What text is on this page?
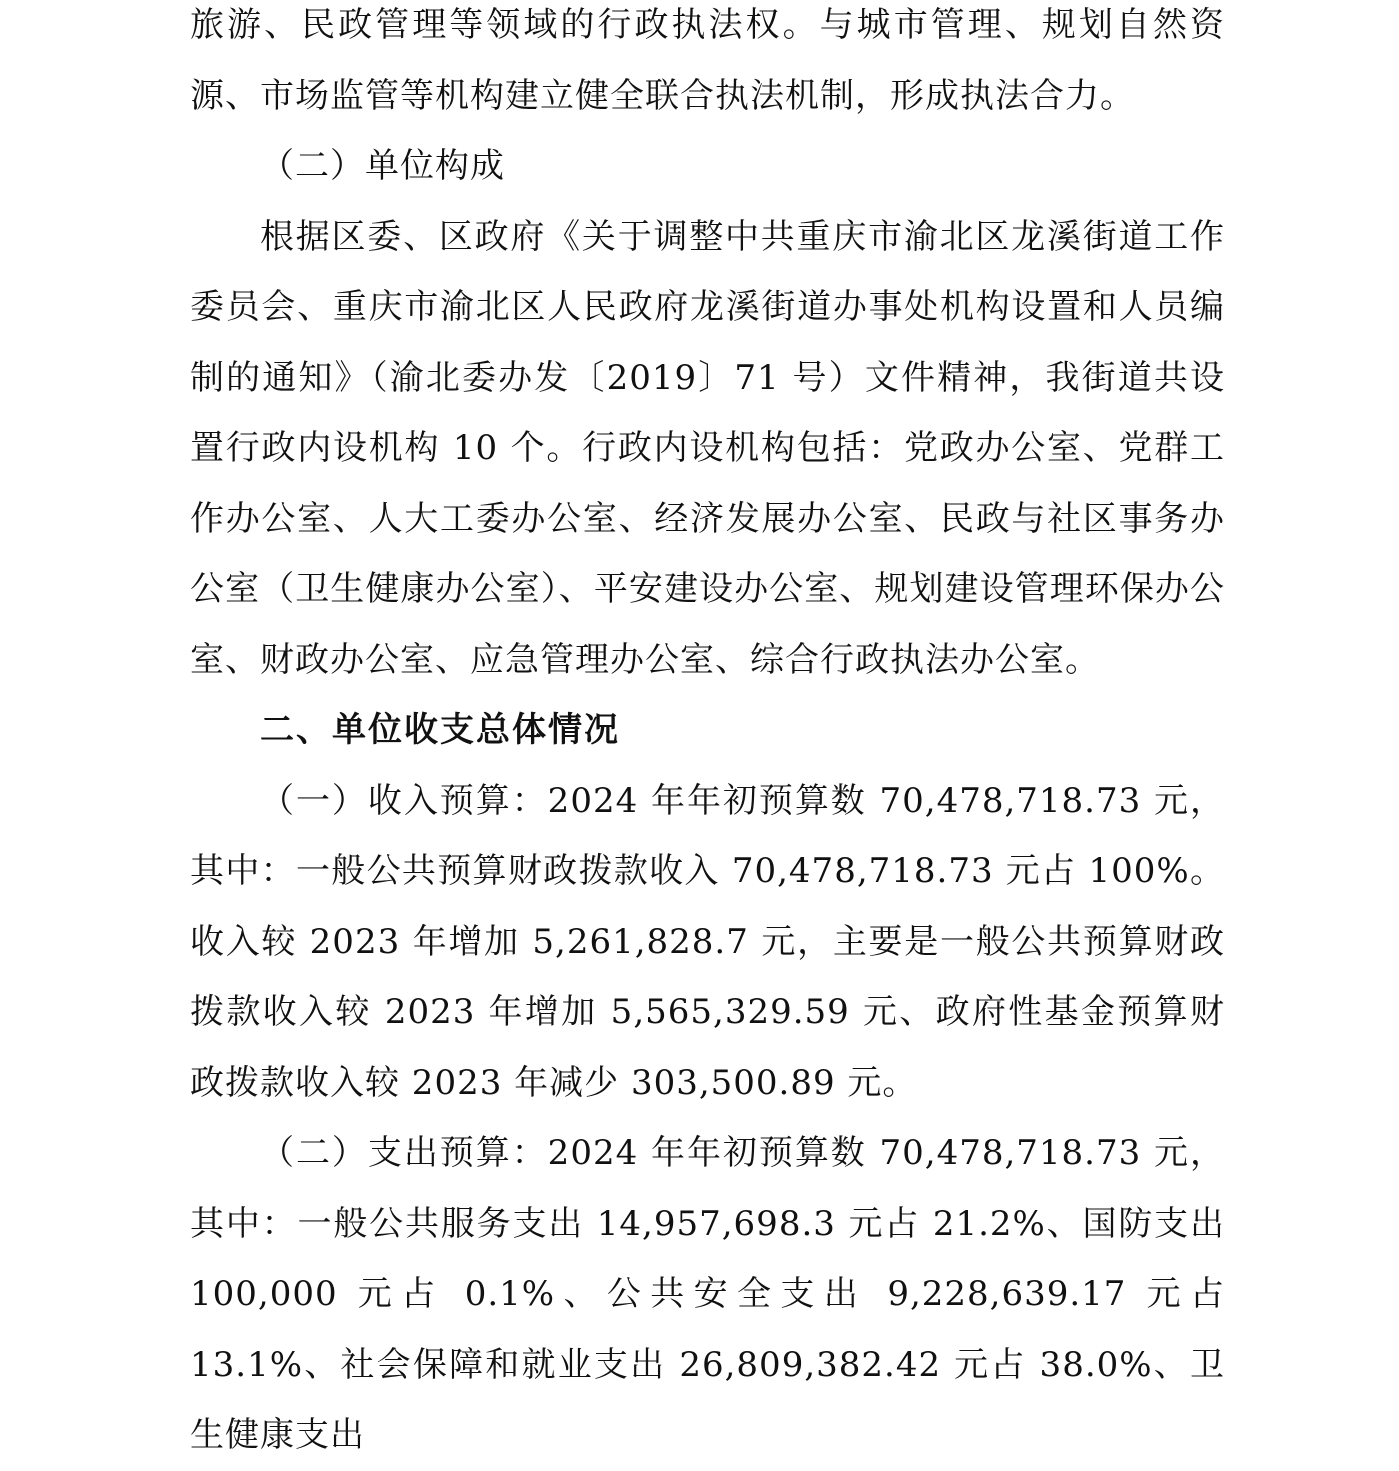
旅游、民政管理等领域的行政执法权。与城市管理、规划自然资源、市场监管等机构建立健全联合执法机制，形成执法合力。

（二）单位构成

根据区委、区政府《关于调整中共重庆市渝北区龙溪街道工作委员会、重庆市渝北区人民政府龙溪街道办事处机构设置和人员编制的通知》（渝北委办发〔2019〕71 号）文件精神，我街道共设置行政内设机构 10 个。行政内设机构包括：党政办公室、党群工作办公室、人大工委办公室、经济发展办公室、民政与社区事务办公室（卫生健康办公室）、平安建设办公室、规划建设管理环保办公室、财政办公室、应急管理办公室、综合行政执法办公室。

二、单位收支总体情况

（一）收入预算：2024 年年初预算数 70,478,718.73 元，其中：一般公共预算财政拨款收入 70,478,718.73 元占 100%。收入较 2023 年增加 5,261,828.7 元，主要是一般公共预算财政拨款收入较 2023 年增加 5,565,329.59 元、政府性基金预算财政拨款收入较 2023 年减少 303,500.89 元。

（二）支出预算：2024 年年初预算数 70,478,718.73 元，其中：一般公共服务支出 14,957,698.3 元占 21.2%、国防支出 100,000 元占 0.1%、公共安全支出 9,228,639.17 元占 13.1%、社会保障和就业支出 26,809,382.42 元占 38.0%、卫生健康支出
